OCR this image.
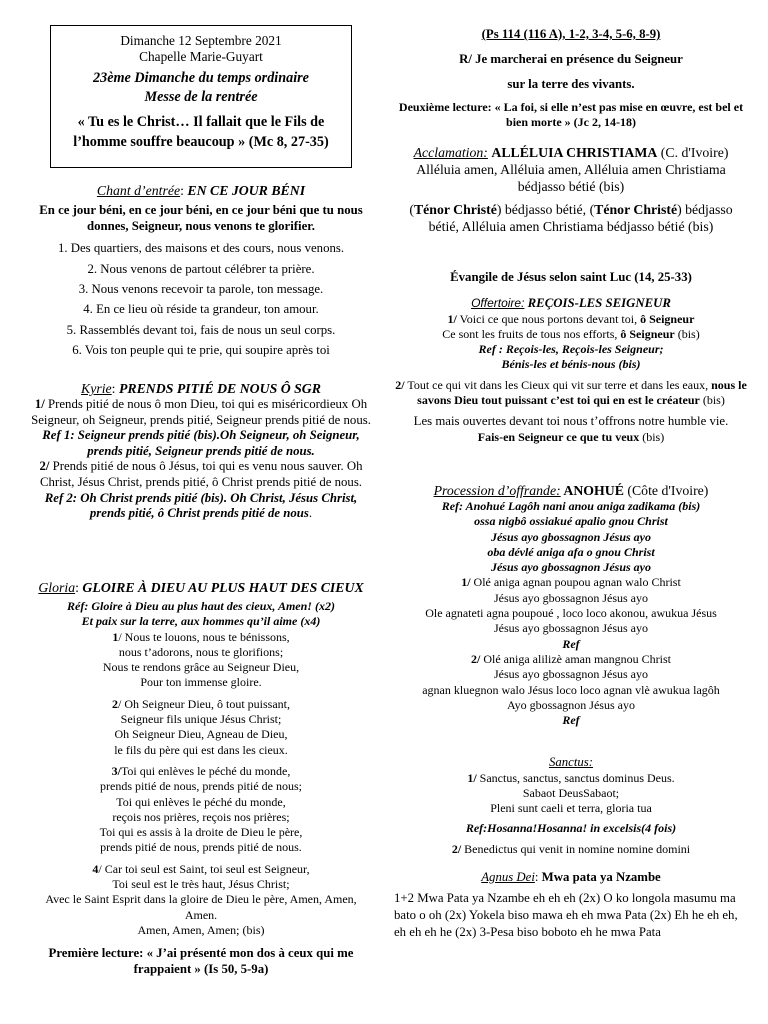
Dimanche 12 Septembre 2021

Chapelle Marie-Guyart

23ème Dimanche du temps ordinaire

Messe de la rentrée

« Tu es le Christ… Il fallait que le Fils de l’homme souffre beaucoup » (Mc 8, 27-35)

Chant d’entrée: EN CE JOUR BÉNI

En ce jour béni, en ce jour béni, en ce jour béni que tu nous donnes, Seigneur, nous venons te glorifier.

1. Des quartiers, des maisons et des cours, nous venons.

2. Nous venons de partout célébrer ta prière.

3. Nous venons recevoir ta parole, ton message.

4. En ce lieu où réside ta grandeur, ton amour.

5. Rassemblés devant toi, fais de nous un seul corps.

6. Vois ton peuple qui te prie, qui soupire après toi

Kyrie: PRENDS PITIÉ DE NOUS Ô SGR

1/ Prends pitié de nous ô mon Dieu, toi qui es miséricordieux Oh Seigneur, oh Seigneur, prends pitié, Seigneur prends pitié de nous.

Ref 1: Seigneur prends pitié (bis).Oh Seigneur, oh Seigneur, prends pitié, Seigneur prends pitié de nous.

2/ Prends pitié de nous ô Jésus, toi qui es venu nous sauver. Oh Christ, Jésus Christ, prends pitié, ô Christ prends pitié de nous.

Ref 2: Oh Christ prends pitié (bis). Oh Christ, Jésus Christ, prends pitié, ô Christ prends pitié de nous.

Gloria: GLOIRE À DIEU AU PLUS HAUT DES CIEUX

Réf: Gloire à Dieu au plus haut des cieux, Amen! (x2)

Et paix sur la terre, aux hommes qu’il aime (x4)

1/ Nous te louons, nous te bénissons,

nous t’adorons, nous te glorifions;

Nous te rendons grâce au Seigneur Dieu,

Pour ton immense gloire.

2/ Oh Seigneur Dieu, ô tout puissant,

Seigneur fils unique Jésus Christ;

Oh Seigneur Dieu, Agneau de Dieu,

le fils du père qui est dans les cieux.

3/Toi qui enlèves le péché du monde,

prends pitié de nous, prends pitié de nous;

Toi qui enlèves le péché du monde,

reçois nos prières, reçois nos prières;

Toi qui es assis à la droite de Dieu le père,

prends pitié de nous, prends pitié de nous.

4/ Car toi seul est Saint, toi seul est Seigneur,

Toi seul est le très haut, Jésus Christ;

Avec le Saint Esprit dans la gloire de Dieu le père, Amen, Amen, Amen.

Amen, Amen, Amen; (bis)

Première lecture: « J’ai présenté mon dos à ceux qui me frappaient » (Is 50, 5-9a)

(Ps 114 (116 A), 1-2, 3-4, 5-6, 8-9)

R/ Je marcherai en présence du Seigneur

sur la terre des vivants.

Deuxième lecture: « La foi, si elle n’est pas mise en œuvre, est bel et bien morte » (Jc 2, 14-18)

Acclamation: ALLÉLUIA CHRISTIAMA (C. d'Ivoire)

Alléluia amen, Alléluia amen, Alléluia amen Christiama bédjasso bétié (bis)

(Ténor Christé) bédjasso bétié, (Ténor Christé) bédjasso bétié, Alléluia amen Christiama bédjasso bétié (bis)

Évangile de Jésus selon saint Luc (14, 25-33)

Offertoire: REÇOIS-LES SEIGNEUR

1/ Voici ce que nous portons devant toi, ô Seigneur

Ce sont les fruits de tous nos efforts, ô Seigneur (bis)

Ref : Reçois-les, Reçois-les Seigneur;

Bénis-les et bénis-nous (bis)

2/ Tout ce qui vit dans les Cieux qui vit sur terre et dans les eaux, nous le savons Dieu tout puissant c’est toi qui en est le créateur (bis)

Les mais ouvertes devant toi nous t’offrons notre humble vie.

Fais-en Seigneur ce que tu veux (bis)

Procession d’offrande: ANOHUÉ (Côte d'Ivoire)

Ref: Anohué Lagôh nani anou aniga zadikama (bis)

ossa nigbô ossiakué apalio gnou Christ

Jésus ayo gbossagnon Jésus ayo

oba dévlé aniga afa o gnou Christ

Jésus ayo gbossagnon Jésus ayo

1/ Olé aniga agnan poupou agnan walo Christ

Jésus ayo gbossagnon Jésus ayo

Ole agnateti agna poupoué , loco loco akonou, awukua Jésus

Jésus ayo gbossagnon Jésus ayo

Ref

2/ Olé aniga alilizè aman mangnou Christ

Jésus ayo gbossagnon Jésus ayo

agnan kluegnon walo Jésus loco loco agnan vlè awukua lagôh

Ayo gbossagnon Jésus ayo

Ref

Sanctus:

1/ Sanctus, sanctus, sanctus dominus Deus.

Sabaot DeusSabaot;

Pleni sunt caeli et terra, gloria tua

Ref:Hosanna!Hosanna! in excelsis(4 fois)

2/ Benedictus qui venit in nomine nomine domini

Agnus Dei: Mwa pata ya Nzambe

1+2 Mwa Pata ya Nzambe eh eh eh (2x) O ko longola masumu ma bato o oh (2x) Yokela biso mawa eh eh mwa Pata (2x) Eh he eh eh, eh eh eh he (2x) 3-Pesa biso boboto eh he mwa Pata
